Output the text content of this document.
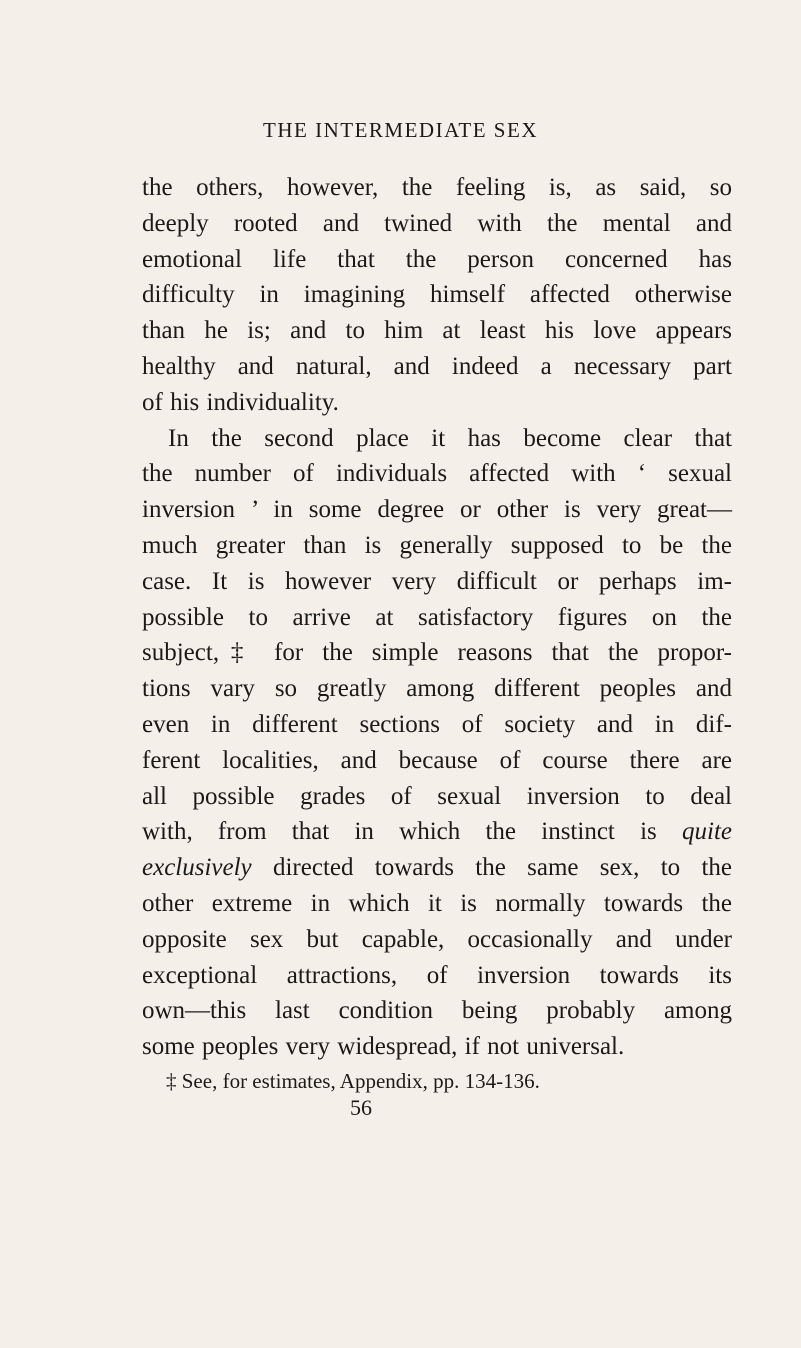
THE INTERMEDIATE SEX
the others, however, the feeling is, as said, so
deeply rooted and twined with the mental and
emotional life that the person concerned has
difficulty in imagining himself affected otherwise
than he is; and to him at least his love appears
healthy and natural, and indeed a necessary part
of his individuality.
In the second place it has become clear that
the number of individuals affected with ‘ sexual
inversion ’ in some degree or other is very great—
much greater than is generally supposed to be the
case. It is however very difficult or perhaps im-
possible to arrive at satisfactory figures on the
subject,‡ for the simple reasons that the propor-
tions vary so greatly among different peoples and
even in different sections of society and in dif-
ferent localities, and because of course there are
all possible grades of sexual inversion to deal
with, from that in which the instinct is quite
exclusively directed towards the same sex, to the
other extreme in which it is normally towards the
opposite sex but capable, occasionally and under
exceptional attractions, of inversion towards its
own—this last condition being probably among
some peoples very widespread, if not universal.
‡ See, for estimates, Appendix, pp. 134-136.
56
